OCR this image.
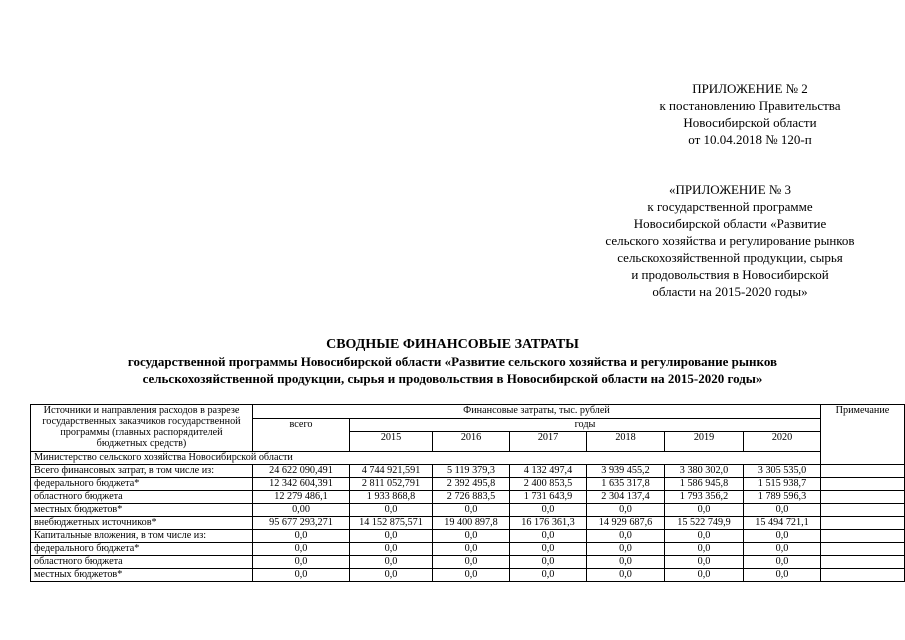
ПРИЛОЖЕНИЕ № 2
к постановлению Правительства
Новосибирской области
от 10.04.2018 № 120-п
«ПРИЛОЖЕНИЕ № 3
к государственной программе
Новосибирской области «Развитие
сельского хозяйства и регулирование рынков
сельскохозяйственной продукции, сырья
и продовольствия в Новосибирской
области на 2015-2020 годы»
СВОДНЫЕ ФИНАНСОВЫЕ ЗАТРАТЫ
государственной программы Новосибирской области «Развитие сельского хозяйства и регулирование рынков
сельскохозяйственной продукции, сырья и продовольствия в Новосибирской области на 2015-2020 годы»
Источники и направления расходов в разрезе государственных заказчиков государственной программы (главных распорядителей бюджетных средств)	Финансовые затраты, тыс. рублей							Примечание
	всего	годы						
		2015	2016	2017	2018	2019	2020	
Министерство сельского хозяйства Новосибирской области								
Всего финансовых затрат, в том числе из:	24 622 090,491	4 744 921,591	5 119 379,3	4 132 497,4	3 939 455,2	3 380 302,0	3 305 535,0	
федерального бюджета*	12 342 604,391	2 811 052,791	2 392 495,8	2 400 853,5	1 635 317,8	1 586 945,8	1 515 938,7	
областного бюджета	12 279 486,1	1 933 868,8	2 726 883,5	1 731 643,9	2 304 137,4	1 793 356,2	1 789 596,3	
местных бюджетов*	0,00	0,0	0,0	0,0	0,0	0,0	0,0	
внебюджетных источников*	95 677 293,271	14 152 875,571	19 400 897,8	16 176 361,3	14 929 687,6	15 522 749,9	15 494 721,1	
Капитальные вложения, в том числе из:	0,0	0,0	0,0	0,0	0,0	0,0	0,0	
федерального бюджета*	0,0	0,0	0,0	0,0	0,0	0,0	0,0	
областного бюджета	0,0	0,0	0,0	0,0	0,0	0,0	0,0	
местных бюджетов*	0,0	0,0	0,0	0,0	0,0	0,0	0,0	
